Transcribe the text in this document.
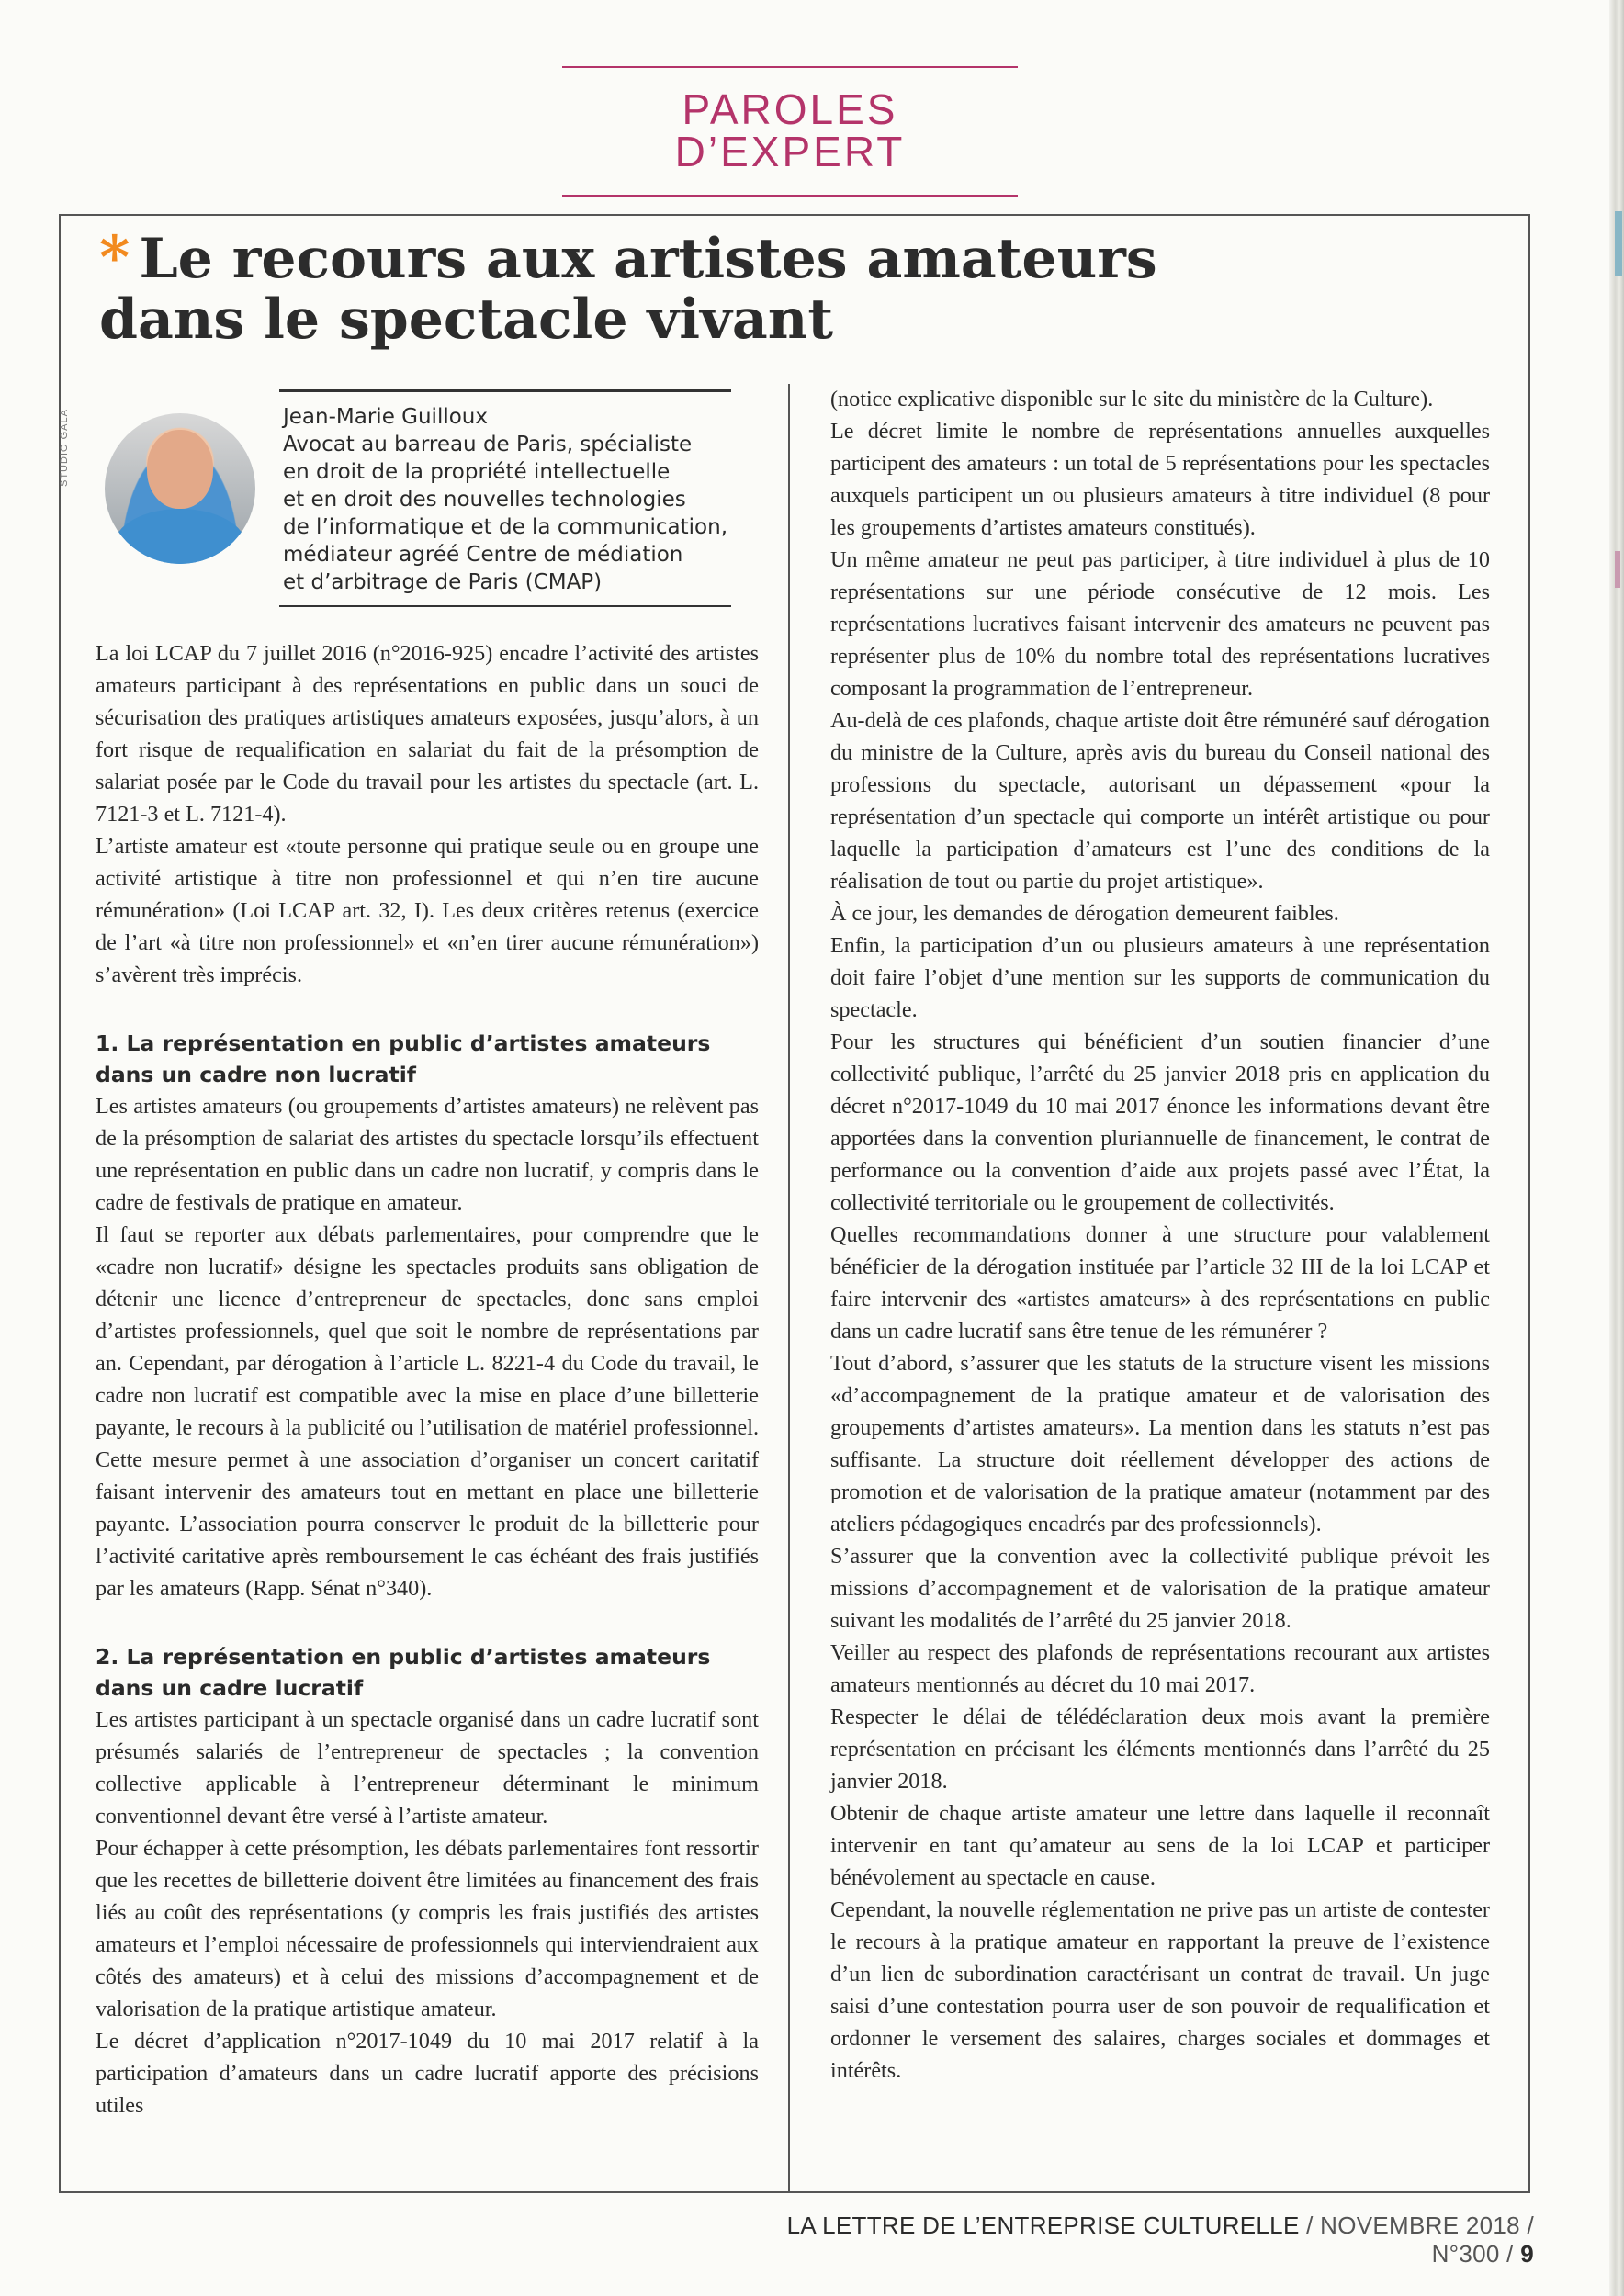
PAROLES D’EXPERT
* Le recours aux artistes amateurs
dans le spectacle vivant
STUDIO GALA	Jean-Marie Guilloux
Avocat au barreau de Paris, spécialiste
en droit de la propriété intellectuelle
et en droit des nouvelles technologies
de l’informatique et de la communication,
médiateur agréé Centre de médiation
et d’arbitrage de Paris (CMAP)

La loi LCAP du 7 juillet 2016 (n°2016-925) encadre l’activité des artistes amateurs participant à des représentations en public dans un souci de sécurisation des pratiques artistiques amateurs exposées, jusqu’alors, à un fort risque de requalification en salariat du fait de la présomption de salariat posée par le Code du travail pour les artistes du spectacle (art. L. 7121-3 et L. 7121-4).

L’artiste amateur est «toute personne qui pratique seule ou en groupe une activité artistique à titre non professionnel et qui n’en tire aucune rémunération» (Loi LCAP art. 32, I). Les deux critères retenus (exercice de l’art «à titre non professionnel» et «n’en tirer aucune rémunération») s’avèrent très imprécis.

1. La représentation en public d’artistes amateurs
dans un cadre non lucratif

Les artistes amateurs (ou groupements d’artistes amateurs) ne relèvent pas de la présomption de salariat des artistes du spectacle lorsqu’ils effectuent une représentation en public dans un cadre non lucratif, y compris dans le cadre de festivals de pratique en amateur.

Il faut se reporter aux débats parlementaires, pour comprendre que le «cadre non lucratif» désigne les spectacles produits sans obligation de détenir une licence d’entrepreneur de spectacles, donc sans emploi d’artistes professionnels, quel que soit le nombre de représentations par an. Cependant, par dérogation à l’article L. 8221-4 du Code du travail, le cadre non lucratif est compatible avec la mise en place d’une billetterie payante, le recours à la publicité ou l’utilisation de matériel professionnel. Cette mesure permet à une association d’organiser un concert caritatif faisant intervenir des amateurs tout en mettant en place une billetterie payante. L’association pourra conserver le produit de la billetterie pour l’activité caritative après remboursement le cas échéant des frais justifiés par les amateurs (Rapp. Sénat n°340).

2. La représentation en public d’artistes amateurs
dans un cadre lucratif

Les artistes participant à un spectacle organisé dans un cadre lucratif sont présumés salariés de l’entrepreneur de spectacles ; la convention collective applicable à l’entrepreneur déterminant le minimum conventionnel devant être versé à l’artiste amateur.

Pour échapper à cette présomption, les débats parlementaires font ressortir que les recettes de billetterie doivent être limitées au financement des frais liés au coût des représentations (y compris les frais justifiés des artistes amateurs et l’emploi nécessaire de professionnels qui interviendraient aux côtés des amateurs) et à celui des missions d’accompagnement et de valorisation de la pratique artistique amateur.

Le décret d’application n°2017-1049 du 10 mai 2017 relatif à la participation d’amateurs dans un cadre lucratif apporte des précisions utiles

(notice explicative disponible sur le site du ministère de la Culture).

Le décret limite le nombre de représentations annuelles auxquelles participent des amateurs : un total de 5 représentations pour les spectacles auxquels participent un ou plusieurs amateurs à titre individuel (8 pour les groupements d’artistes amateurs constitués).

Un même amateur ne peut pas participer, à titre individuel à plus de 10 représentations sur une période consécutive de 12 mois. Les représentations lucratives faisant intervenir des amateurs ne peuvent pas représenter plus de 10% du nombre total des représentations lucratives composant la programmation de l’entrepreneur.

Au-delà de ces plafonds, chaque artiste doit être rémunéré sauf dérogation du ministre de la Culture, après avis du bureau du Conseil national des professions du spectacle, autorisant un dépassement «pour la représentation d’un spectacle qui comporte un intérêt artistique ou pour laquelle la participation d’amateurs est l’une des conditions de la réalisation de tout ou partie du projet artistique».

À ce jour, les demandes de dérogation demeurent faibles.

Enfin, la participation d’un ou plusieurs amateurs à une représentation doit faire l’objet d’une mention sur les supports de communication du spectacle.

Pour les structures qui bénéficient d’un soutien financier d’une collectivité publique, l’arrêté du 25 janvier 2018 pris en application du décret n°2017-1049 du 10 mai 2017 énonce les informations devant être apportées dans la convention pluriannuelle de financement, le contrat de performance ou la convention d’aide aux projets passé avec l’État, la collectivité territoriale ou le groupement de collectivités.

Quelles recommandations donner à une structure pour valablement bénéficier de la dérogation instituée par l’article 32 III de la loi LCAP et faire intervenir des «artistes amateurs» à des représentations en public dans un cadre lucratif sans être tenue de les rémunérer ?

Tout d’abord, s’assurer que les statuts de la structure visent les missions «d’accompagnement de la pratique amateur et de valorisation des groupements d’artistes amateurs». La mention dans les statuts n’est pas suffisante. La structure doit réellement développer des actions de promotion et de valorisation de la pratique amateur (notamment par des ateliers pédagogiques encadrés par des professionnels).

S’assurer que la convention avec la collectivité publique prévoit les missions d’accompagnement et de valorisation de la pratique amateur suivant les modalités de l’arrêté du 25 janvier 2018.

Veiller au respect des plafonds de représentations recourant aux artistes amateurs mentionnés au décret du 10 mai 2017.

Respecter le délai de télédéclaration deux mois avant la première représentation en précisant les éléments mentionnés dans l’arrêté du 25 janvier 2018.

Obtenir de chaque artiste amateur une lettre dans laquelle il reconnaît intervenir en tant qu’amateur au sens de la loi LCAP et participer bénévolement au spectacle en cause.

Cependant, la nouvelle réglementation ne prive pas un artiste de contester le recours à la pratique amateur en rapportant la preuve de l’existence d’un lien de subordination caractérisant un contrat de travail. Un juge saisi d’une contestation pourra user de son pouvoir de requalification et ordonner le versement des salaires, charges sociales et dommages et intérêts.

LA LETTRE DE L’ENTREPRISE CULTURELLE / NOVEMBRE 2018 / N°300 / 9
